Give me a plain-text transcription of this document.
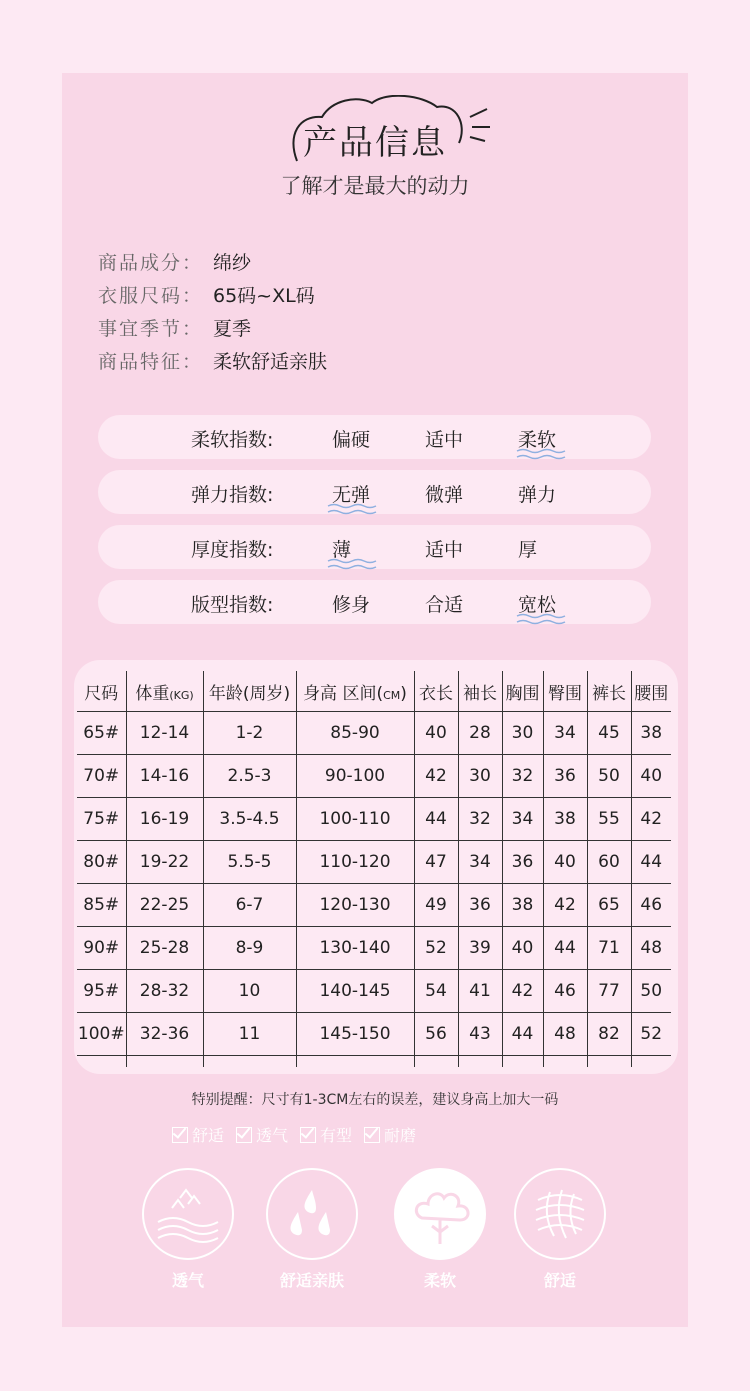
产品信息
了解才是最大的动力
商品成分： 绵纱
衣服尺码： 65码~XL码
事宜季节： 夏季
商品特征： 柔软舒适亲肤
柔软指数:	偏硬	适中	柔软
弹力指数:	无弹	微弹	弹力
厚度指数:	薄	适中	厚
版型指数:	修身	合适	宽松
尺码	体重(KG)	年龄(周岁)	身高 区间(CM)	衣长	袖长	胸围	臀围	裤长	腰围
65#	12-14	1-2	85-90	40	28	30	34	45	38
70#	14-16	2.5-3	90-100	42	30	32	36	50	40
75#	16-19	3.5-4.5	100-110	44	32	34	38	55	42
80#	19-22	5.5-5	110-120	47	34	36	40	60	44
85#	22-25	6-7	120-130	49	36	38	42	65	46
90#	25-28	8-9	130-140	52	39	40	44	71	48
95#	28-32	10	140-145	54	41	42	46	77	50
100#	32-36	11	145-150	56	43	44	48	82	52

特别提醒：尺寸有1-3CM左右的误差，建议身高上加大一码
舒适 透气 有型 耐磨
透气	舒适亲肤	柔软	舒适
